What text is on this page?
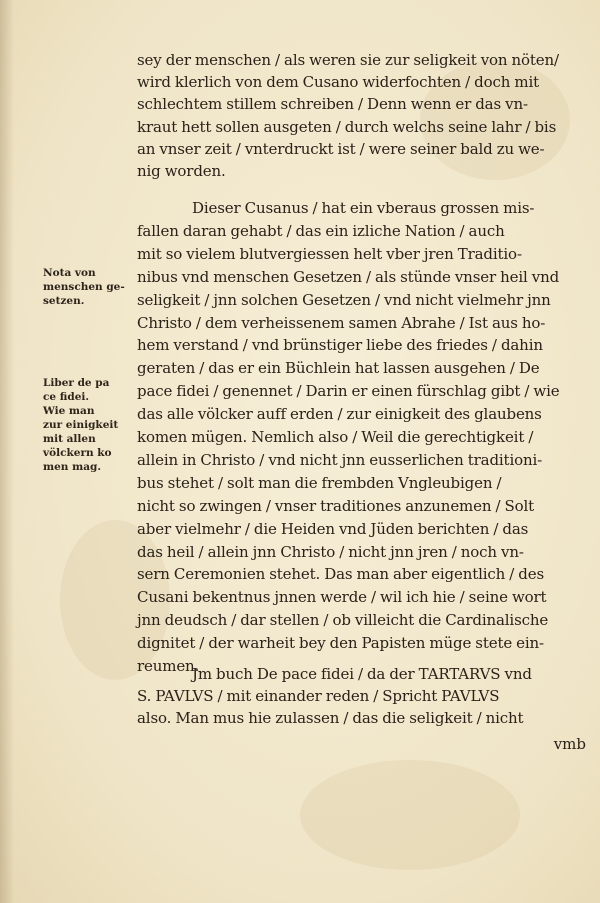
sey der menschen / als weren sie zur seligkeit von nöten/
wird klerlich von dem Cusano widerfochten / doch mit
schlechtem stillem schreiben / Denn wenn er das vn‑
kraut hett sollen ausgeten / durch welchs seine lahr / bis
an vnser zeit / vnterdruckt ist / were seiner bald zu we‑
nig worden.
Dieser Cusanus / hat ein vberaus grossen mis‑
fallen daran gehabt / das ein izliche Nation / auch
mit so vielem blutvergiessen helt vber jren Traditio‑
nibus vnd menschen Gesetzen / als stünde vnser heil vnd
seligkeit / jnn solchen Gesetzen / vnd nicht vielmehr jnn
Christo / dem verheissenem samen Abrahe / Ist aus ho‑
hem verstand / vnd brünstiger liebe des friedes / dahin
geraten / das er ein Büchlein hat lassen ausgehen / De
pace fidei / genennet / Darin er einen fürschlag gibt / wie
das alle völcker auff erden / zur einigkeit des glaubens
komen mügen. Nemlich also / Weil die gerechtigkeit /
allein in Christo / vnd nicht jnn eusserlichen traditioni‑
bus stehet / solt man die frembden Vngleubigen /
nicht so zwingen / vnser traditiones anzunemen / Solt
aber vielmehr / die Heiden vnd Jüden berichten / das
das heil / allein jnn Christo / nicht jnn jren / noch vn‑
sern Ceremonien stehet. Das man aber eigentlich / des
Cusani bekentnus jnnen werde / wil ich hie / seine wort
jnn deudsch / dar stellen / ob villeicht die Cardinalische
dignitet / der warheit bey den Papisten müge stete ein‑
reumen.
Jm buch De pace fidei / da der TARTARVS vnd
S. PAVLVS / mit einander reden / Spricht PAVLVS
also. Man mus hie zulassen / das die seligkeit / nicht
vmb
Nota von
menschen ge‑
setzen.
Liber de pa
ce fidei.
Wie man
zur einigkeit
mit allen
völckern ko
men mag.
